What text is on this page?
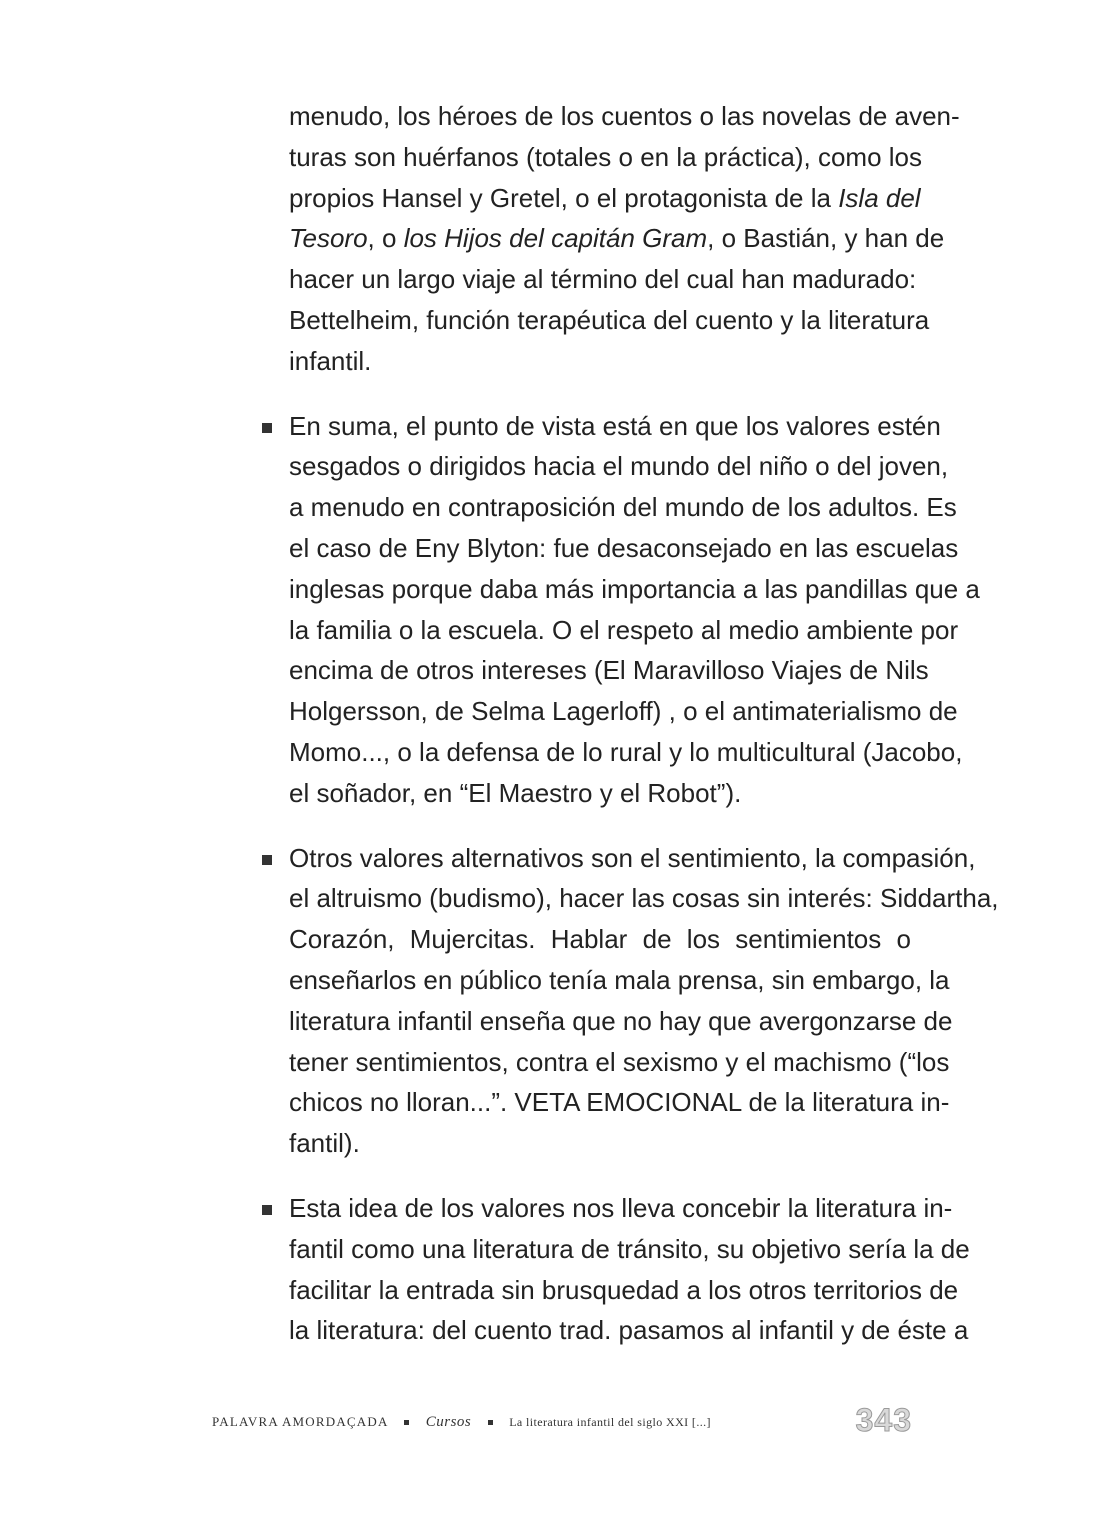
menudo, los héroes de los cuentos o las novelas de aven-
turas son huérfanos (totales o en la práctica), como los
propios Hansel y Gretel, o el protagonista de la Isla del
Tesoro, o los Hijos del capitán Gram, o Bastián, y han de
hacer un largo viaje al término del cual han madurado:
Bettelheim, función terapéutica del cuento y la literatura
infantil.

En suma, el punto de vista está en que los valores estén
sesgados o dirigidos hacia el mundo del niño o del joven,
a menudo en contraposición del mundo de los adultos. Es
el caso de Eny Blyton: fue desaconsejado en las escuelas
inglesas porque daba más importancia a las pandillas que a
la familia o la escuela. O el respeto al medio ambiente por
encima de otros intereses (El Maravilloso Viajes de Nils
Holgersson, de Selma Lagerloff) , o el antimaterialismo de
Momo..., o la defensa de lo rural y lo multicultural (Jacobo,
el soñador, en “El Maestro y el Robot”).

Otros valores alternativos son el sentimiento, la compasión,
el altruismo (budismo), hacer las cosas sin interés: Siddartha,
Corazón, Mujercitas. Hablar de los sentimientos o
enseñarlos en público tenía mala prensa, sin embargo, la
literatura infantil enseña que no hay que avergonzarse de
tener sentimientos, contra el sexismo y el machismo (“los
chicos no lloran...”. VETA EMOCIONAL de la literatura in-
fantil).

Esta idea de los valores nos lleva concebir la literatura in-
fantil como una literatura de tránsito, su objetivo sería la de
facilitar la entrada sin brusquedad a los otros territorios de
la literatura: del cuento trad. pasamos al infantil y de éste a

PALAVRA AMORDAÇADA	Cursos	La literatura infantil del siglo XXI [...]	343
